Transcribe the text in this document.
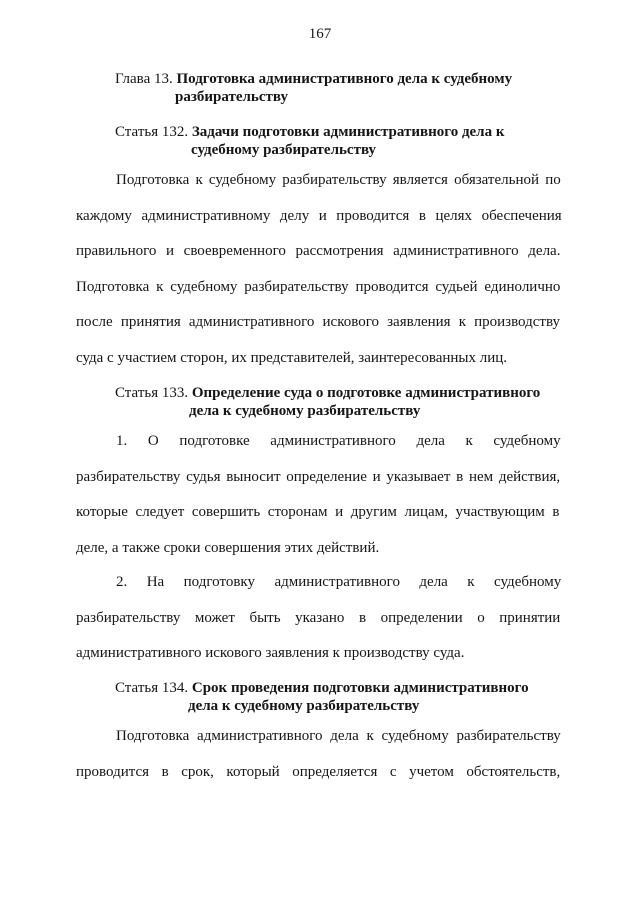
167
Глава 13. Подготовка административного дела к судебному
разбирательству
Статья 132. Задачи подготовки административного дела к
судебному разбирательству
Подготовка к судебному разбирательству является обязательной по
каждому административному делу и проводится в целях обеспечения
правильного и своевременного рассмотрения административного дела.
Подготовка к судебному разбирательству проводится судьей единолично
после принятия административного искового заявления к производству
суда с участием сторон, их представителей, заинтересованных лиц.
Статья 133. Определение суда о подготовке административного
дела к судебному разбирательству
1. О подготовке административного дела к судебному
разбирательству судья выносит определение и указывает в нем действия,
которые следует совершить сторонам и другим лицам, участвующим в
деле, а также сроки совершения этих действий.
2. На подготовку административного дела к судебному
разбирательству может быть указано в определении о принятии
административного искового заявления к производству суда.
Статья 134. Срок проведения подготовки административного
дела к судебному разбирательству
Подготовка административного дела к судебному разбирательству
проводится в срок, который определяется с учетом обстоятельств,
